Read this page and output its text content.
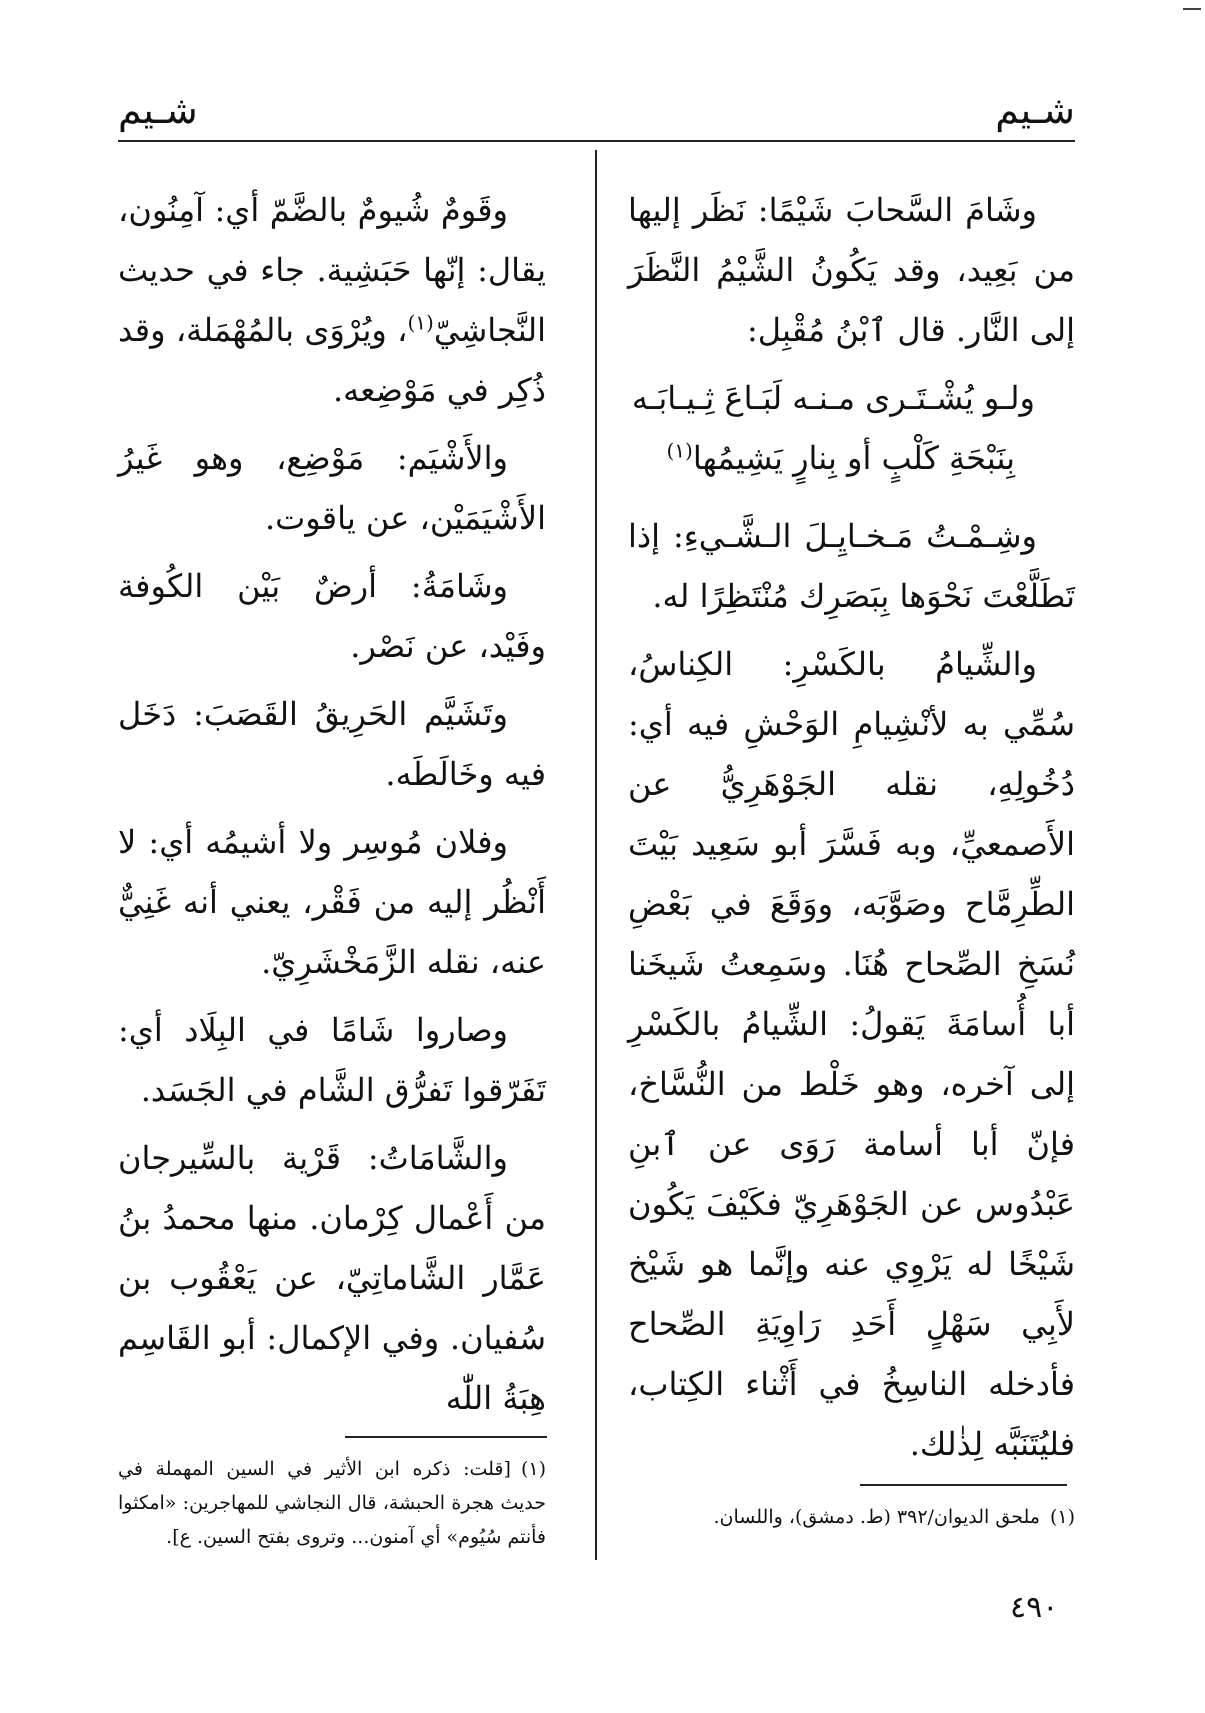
شـيم
شـيم

وشَامَ السَّحابَ شَيْمًا: نَظَر إليها من بَعِيد، وقد يَكُونُ الشَّيْمُ النَّظَرَ إلى النَّار. قال ٱبْنُ مُقْبِل:

ولـو يُشْـتَـرى مـنـه لَبَـاعَ ثِـيـابَـه

بِنَبْحَةِ كَلْبٍ أو بِنارٍ يَشِيمُها$^{(١)}$

وشِـمْـتُ مَـخـايِـلَ الـشَّـيءِ: إذا تَطَلَّعْتَ نَحْوَها بِبَصَرِك مُنْتَظِرًا له.

والشِّيامُ بالكَسْرِ: الكِناسُ، سُمِّي به لأنْشِيامِ الوَحْشِ فيه أي: دُخُولِهِ، نقله الجَوْهَرِيُّ عن الأَصمعيِّ، وبه فَسَّرَ أبو سَعِيد بَيْتَ الطِّرِمَّاح وصَوَّبَه، ووَقَعَ في بَعْضِ نُسَخِ الصِّحاح هُنَا. وسَمِعتُ شَيخَنا أبا أُسامَةَ يَقولُ: الشِّيامُ بالكَسْرِ إلى آخره، وهو خَلْط من النُّسَّاخ، فإنّ أبا أسامة رَوَى عن ٱبنِ عَبْدُوس عن الجَوْهَرِيّ فكَيْفَ يَكُون شَيْخًا له يَرْوِي عنه وإنَّما هو شَيْخ لأَبِي سَهْلٍ أَحَدِ رَاوِيَةِ الصِّحاح فأدخله الناسِخُ في أَثْناء الكِتاب، فليُتَنَبَّه لِذٰلك.

وقَومٌ شُيومٌ بالضَّمّ أي: آمِنُون، يقال: إنّها حَبَشِية. جاء في حديث النَّجاشِيّ$^{(١)}$، ويُرْوَى بالمُهْمَلة، وقد ذُكِر في مَوْضِعه.

والأَشْيَم: مَوْضِع، وهو غَيرُ الأَشْيَمَيْن، عن ياقوت.

وشَامَةُ: أرضٌ بَيْن الكُوفة وفَيْد، عن نَصْر.

وتَشَيَّم الحَرِيقُ القَصَبَ: دَخَل فيه وخَالَطَه.

وفلان مُوسِر ولا أشيمُه أي: لا أَنْظُر إليه من فَقْر، يعني أنه غَنِيٌّ عنه، نقله الزَّمَخْشَرِيّ.

وصاروا شَامًا في البِلَاد أي: تَفَرّقوا تَفرُّق الشَّام في الجَسَد.

والشَّامَاتُ: قَرْية بالسِّيرجان من أَعْمال كِرْمان. منها محمدُ بنُ عَمَّار الشَّاماتِيّ، عن يَعْقُوب بن سُفيان. وفي الإكمال: أبو القَاسِم هِبَةُ اللّٰه

(١)[قلت: ذكره ابن الأثير في السين المهملة في حديث هجرة الحبشة، قال النجاشي للمهاجرين: «امكثوا فأنتم سُيُوم» أي آمنون... وتروى بفتح السين. ع].
(١)ملحق الديوان/٣٩٢ (ط. دمشق)، واللسان.
٤٩٠
